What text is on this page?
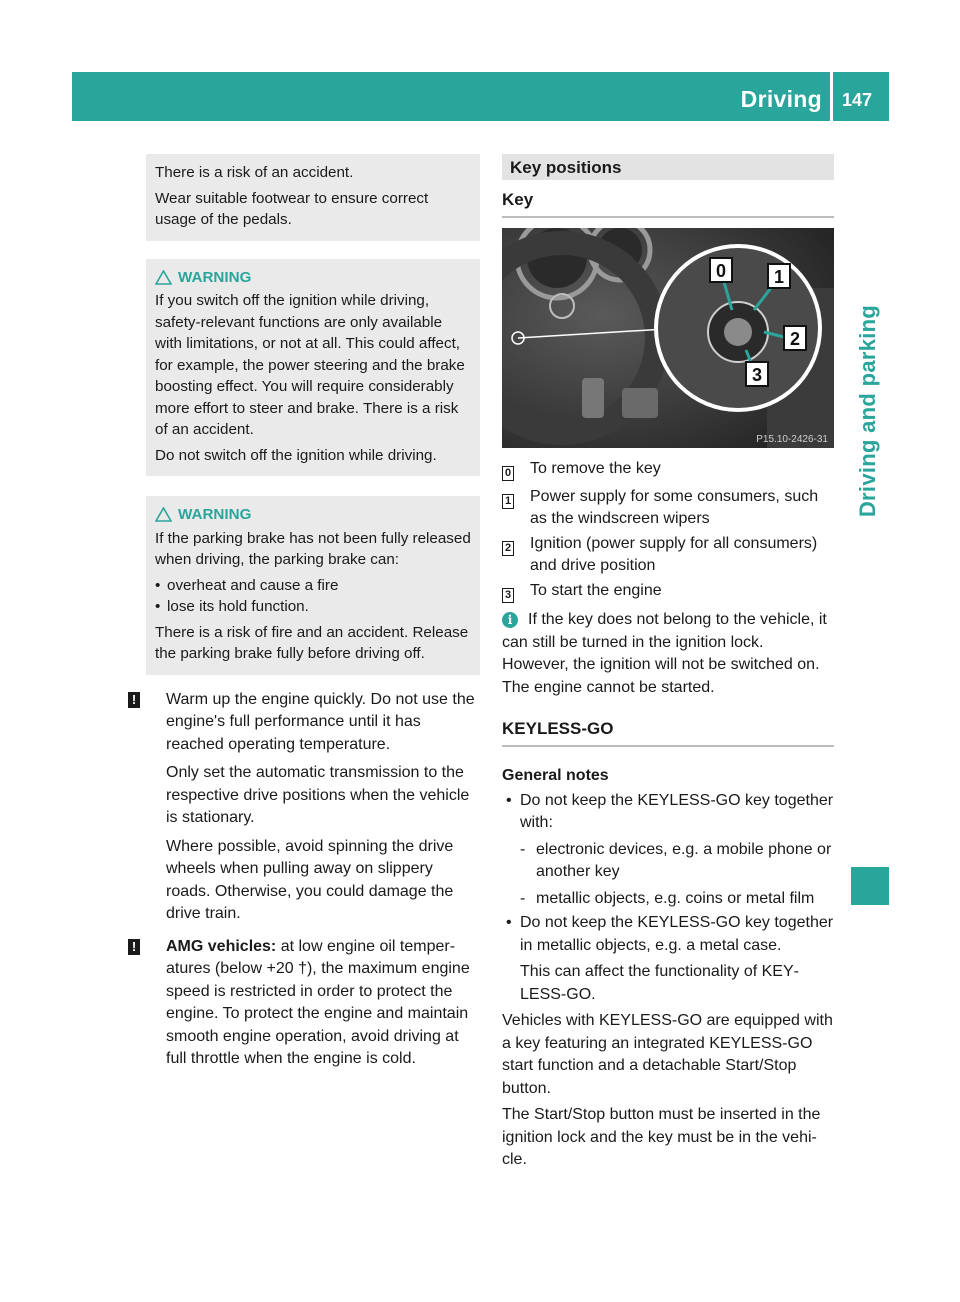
Driving 147
Driving and parking

There is a risk of an accident.

Wear suitable footwear to ensure correct usage of the pedals.

WARNING

If you switch off the ignition while driving, safety-relevant functions are only available with limitations, or not at all. This could affect, for example, the power steering and the brake boosting effect. You will require considerably more effort to steer and brake. There is a risk of an accident.

Do not switch off the ignition while driving.

WARNING

If the parking brake has not been fully released when driving, the parking brake can:

• overheat and cause a fire
• lose its hold function.

There is a risk of fire and an accident. Release the parking brake fully before driving off.

! Warm up the engine quickly. Do not use the engine's full performance until it has reached operating temperature.

Only set the automatic transmission to the respective drive positions when the vehicle is stationary.

Where possible, avoid spinning the drive wheels when pulling away on slippery roads. Otherwise, you could damage the drive train.

! AMG vehicles: at low engine oil temperatures (below +20 †), the maximum engine speed is restricted in order to protect the engine. To protect the engine and maintain smooth engine operation, avoid driving at full throttle when the engine is cold.

Key positions
Key
0	1
2
3
P15.10-2426-31
0	To remove the key
1	Power supply for some consumers, such as the windscreen wipers
2	Ignition (power supply for all consumers) and drive position
3	To start the engine
i If the key does not belong to the vehicle, it can still be turned in the ignition lock. However, the ignition will not be switched on. The engine cannot be started.

KEYLESS-GO
General notes
• Do not keep the KEYLESS-GO key together with:
- electronic devices, e.g. a mobile phone or another key
- metallic objects, e.g. coins or metal film
• Do not keep the KEYLESS-GO key together in metallic objects, e.g. a metal case.

This can affect the functionality of KEYLESS-GO.

Vehicles with KEYLESS-GO are equipped with a key featuring an integrated KEYLESS-GO start function and a detachable Start/Stop button.

The Start/Stop button must be inserted in the ignition lock and the key must be in the vehicle.
